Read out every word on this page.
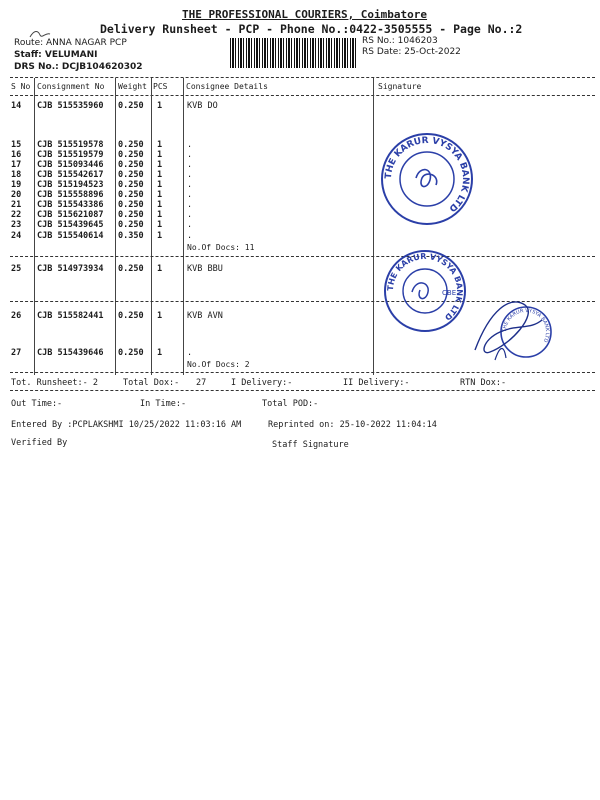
THE PROFESSIONAL COURIERS, Coimbatore
Delivery Runsheet - PCP - Phone No.:0422-3505555 - Page No.:2
Route: ANNA NAGAR PCP
Staff: VELUMANI
DRS No.: DCJB104620302
RS No.: 1046203
RS Date: 25-Oct-2022
S No Consignment No Weight PCS Consignee Details	Signature
14 CJB 515535960 0.250 1	KVB DO
15 CJB 515519578 0.250 1	.
16 CJB 515519579 0.250 1	.
17 CJB 515093446 0.250 1	.
18 CJB 515542617 0.250 1	.
19 CJB 515194523 0.250 1	.
20 CJB 515558896 0.250 1	.
21 CJB 515543386 0.250 1	.
22 CJB 515621087 0.250 1	.
23 CJB 515439645 0.250 1	.
24 CJB 515540614 0.350 1	.
No.Of Docs: 11
25 CJB 514973934 0.250 1	KVB BBU
26 CJB 515582441 0.250 1	KVB AVN
27 CJB 515439646 0.250 1	.
No.Of Docs: 2
Tot. Runsheet:- 2	Total Dox:- 27	I Delivery:-	II Delivery:-	RTN Dox:-
Out Time:-	In Time:-	Total POD:-
Entered By :PCPLAKSHMI 10/25/2022 11:03:16 AM	Reprinted on: 25-10-2022 11:04:14
Verified By	Staff Signature
THE KARUR VYSYA BANK LTD
THE KARUR VYSYA BANK LTD
CBE
THE KARUR VYSYA BANK LTD
